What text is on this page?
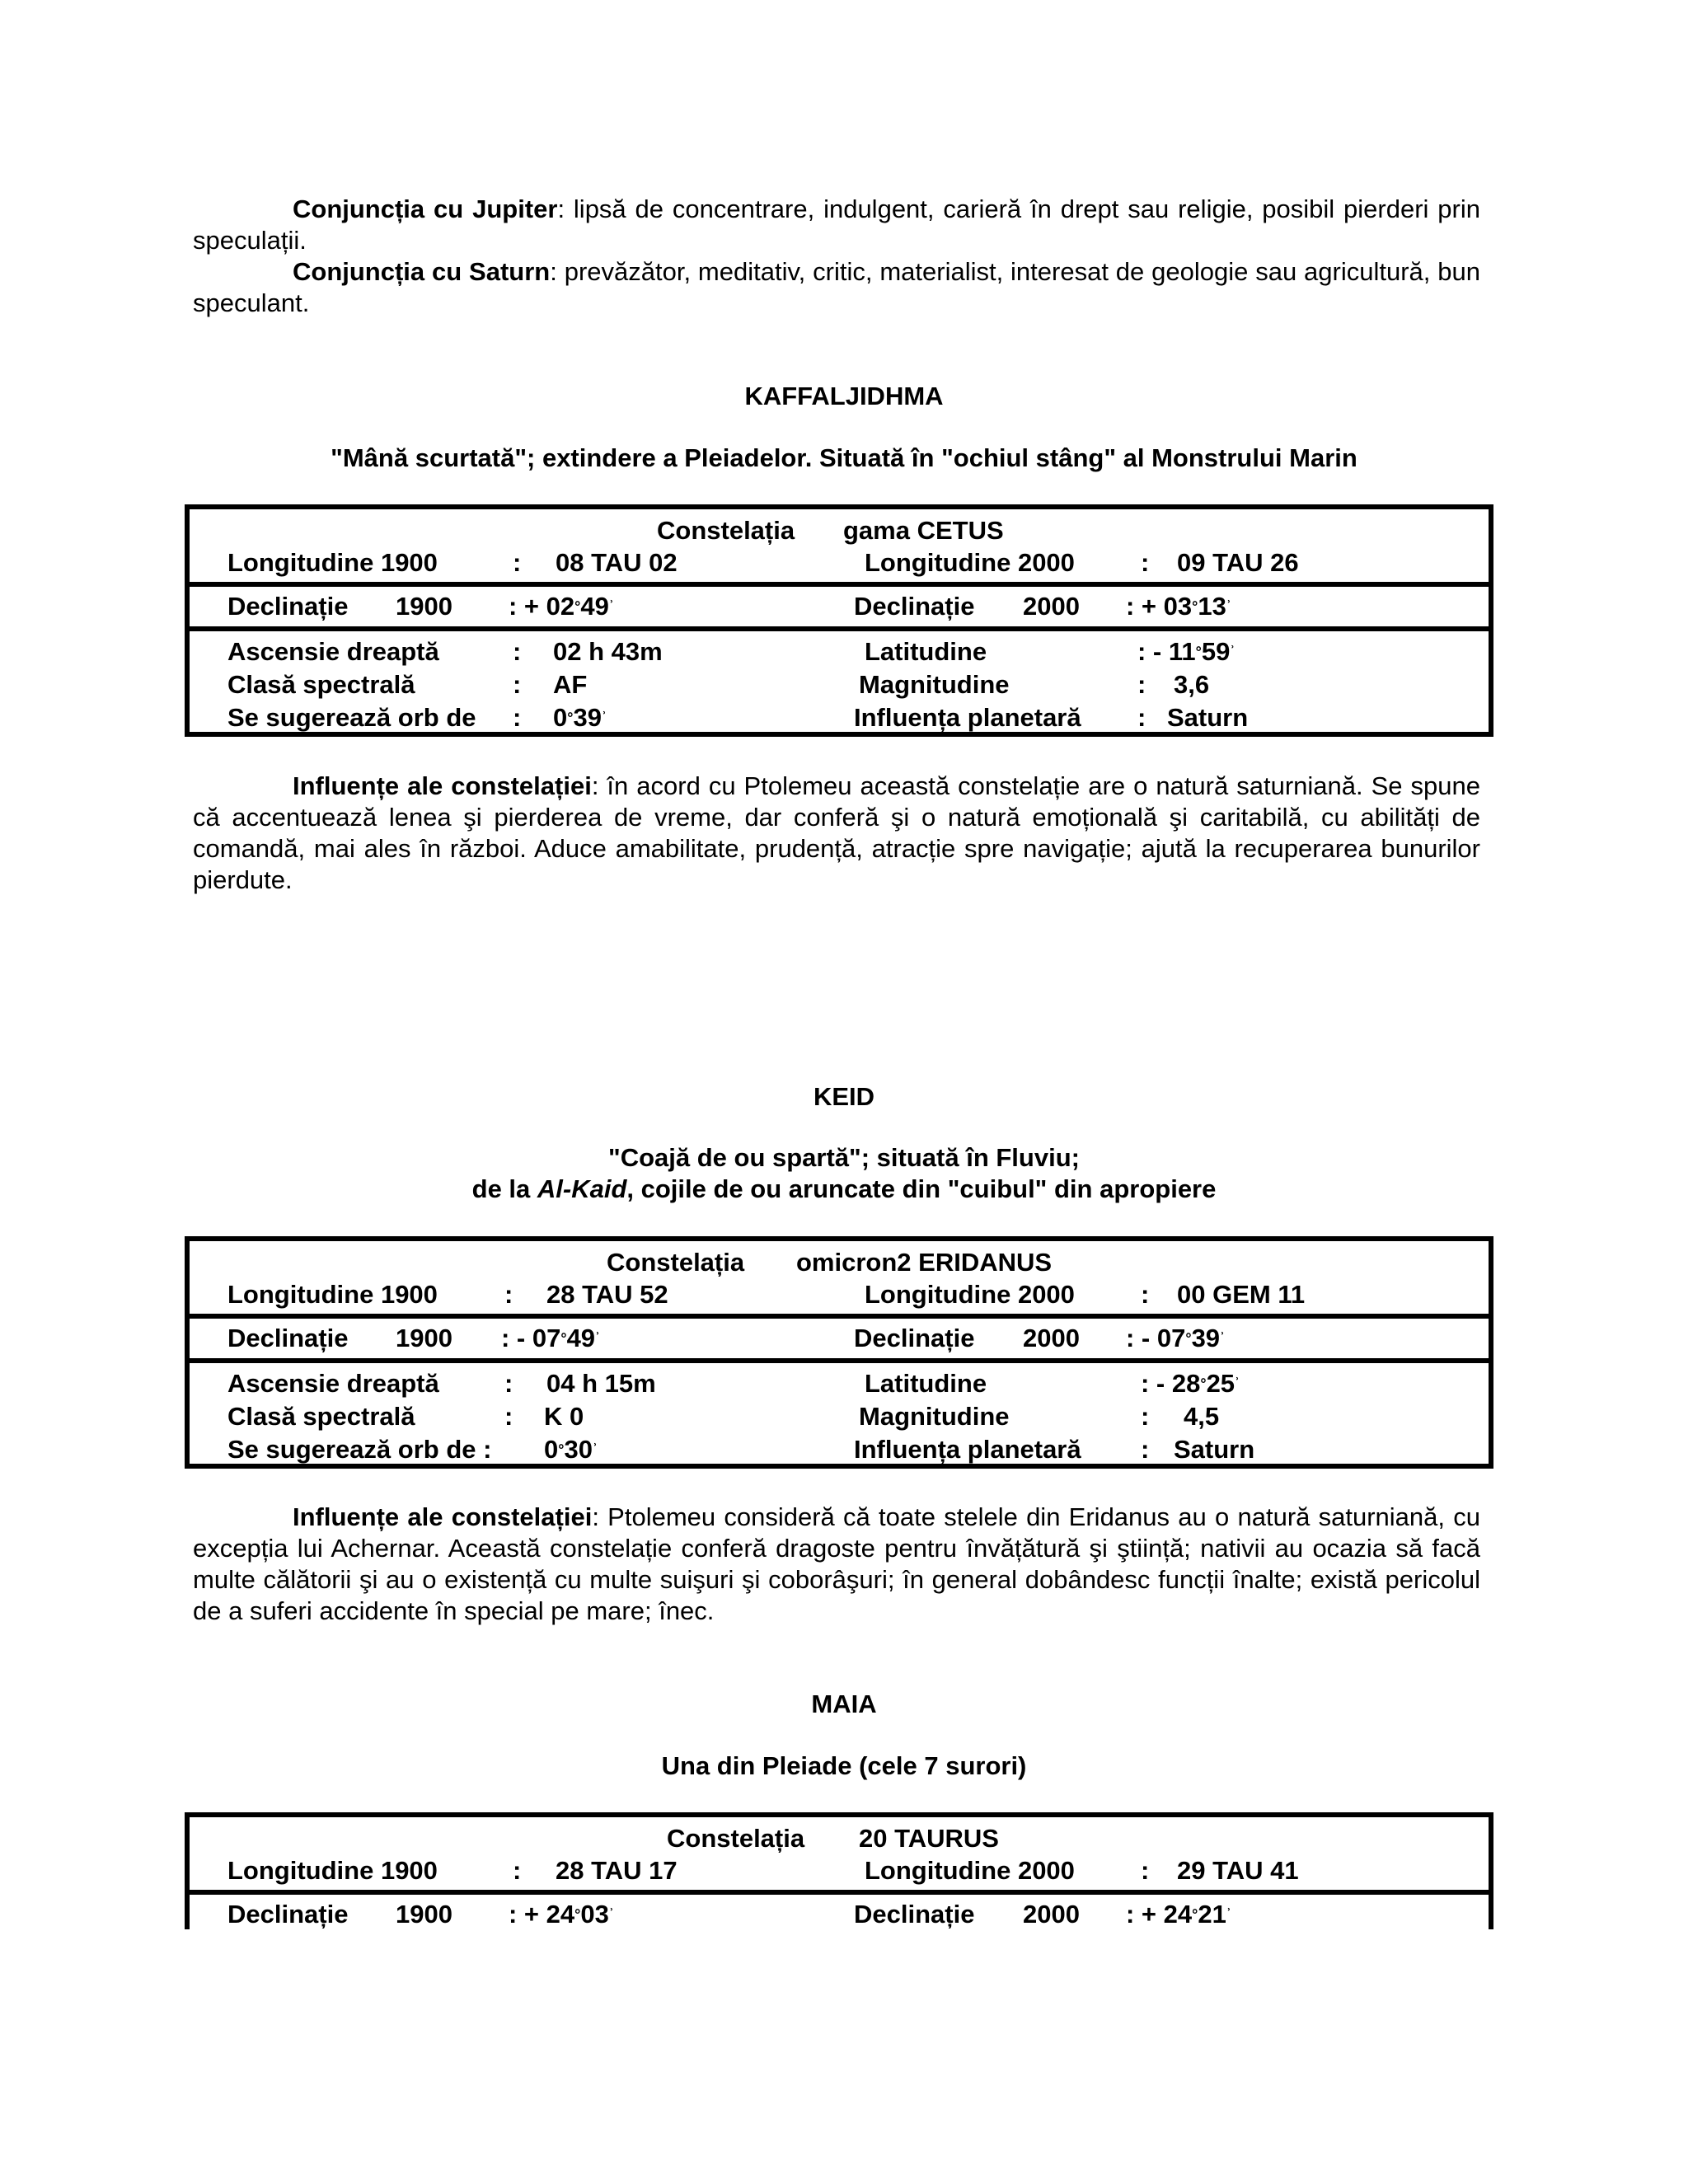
Conjuncția cu Jupiter: lipsă de concentrare, indulgent, carieră în drept sau religie, posibil pierderi prin speculații.

Conjuncția cu Saturn: prevăzător, meditativ, critic, materialist, interesat de geologie sau agricultură, bun speculant.

KAFFALJIDHMA

"Mână scurtată"; extindere a Pleiadelor. Situată în "ochiul stâng" al Monstrului Marin

Constelația gama CETUS
Longitudine 1900	: 08 TAU 02	Longitudine 2000	: 09 TAU 26
Declinație 1900 : + $02^\circ 49^ʾ$	Declinație 2000 : + $03^\circ 13^ʾ$
Ascensie dreaptă	: 02 h 43m	Latitudine	: - $11^\circ 59^ʾ$
Clasă spectrală	: AF	Magnitudine	: 3,6
Se sugerează orb de : $0^\circ 39^ʾ$	Influența planetară : Saturn

Influențe ale constelației: în acord cu Ptolemeu această constelație are o natură saturniană. Se spune că accentuează lenea şi pierderea de vreme, dar conferă şi o natură emoțională şi caritabilă, cu abilități de comandă, mai ales în război. Aduce amabilitate, prudență, atracție spre navigație; ajută la recuperarea bunurilor pierdute.

KEID

"Coajă de ou spartă"; situată în Fluviu;
de la Al-Kaid, cojile de ou aruncate din "cuibul" din apropiere

Constelația omicron2 ERIDANUS
Longitudine 1900	: 28 TAU 52	Longitudine 2000	: 00 GEM 11
Declinație 1900 : - $07^\circ 49^ʾ$	Declinație 2000 : - $07^\circ 39^ʾ$
Ascensie dreaptă	: 04 h 15m	Latitudine	: - $28^\circ 25^ʾ$
Clasă spectrală	: K 0	Magnitudine	: 4,5
Se sugerează orb de : $0^\circ 30^ʾ$	Influența planetară : Saturn

Influențe ale constelației: Ptolemeu consideră că toate stelele din Eridanus au o natură saturniană, cu excepția lui Achernar. Această constelație conferă dragoste pentru învățătură şi ştiință; nativii au ocazia să facă multe călătorii şi au o existență cu multe suişuri şi coborâşuri; în general dobândesc funcții înalte; există pericolul de a suferi accidente în special pe mare; înec.

MAIA

Una din Pleiade (cele 7 surori)

Constelația 20 TAURUS
Longitudine 1900	: 28 TAU 17	Longitudine 2000	: 29 TAU 41
Declinație 1900 : + $24^\circ 03^ʾ$	Declinație 2000 : + $24^\circ 21^ʾ$
